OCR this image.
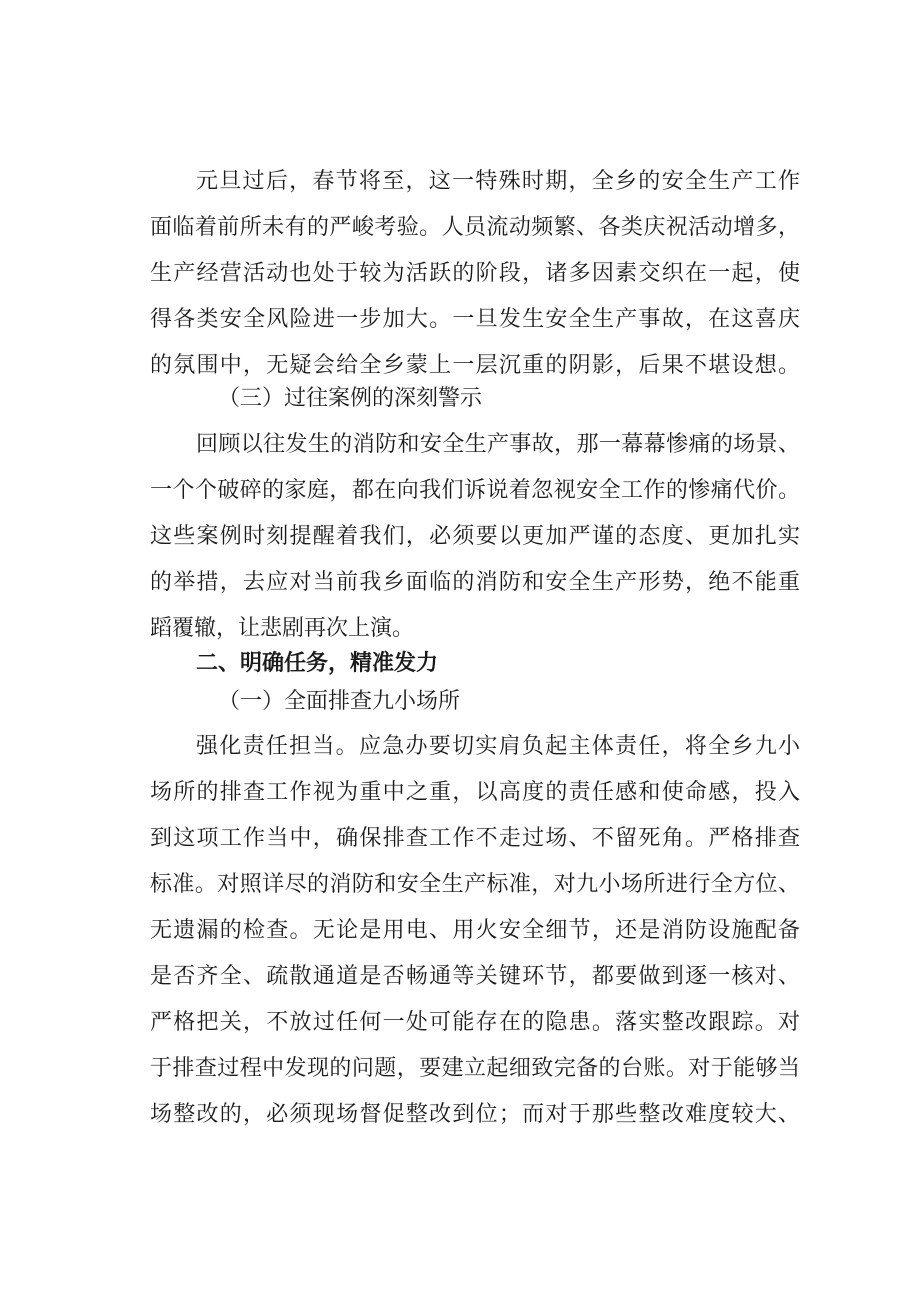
元旦过后，春节将至，这一特殊时期，全乡的安全生产工作
面临着前所未有的严峻考验。人员流动频繁、各类庆祝活动增多，
生产经营活动也处于较为活跃的阶段，诸多因素交织在一起，使
得各类安全风险进一步加大。一旦发生安全生产事故，在这喜庆
的氛围中，无疑会给全乡蒙上一层沉重的阴影，后果不堪设想。
（三）过往案例的深刻警示
回顾以往发生的消防和安全生产事故，那一幕幕惨痛的场景、
一个个破碎的家庭，都在向我们诉说着忽视安全工作的惨痛代价。
这些案例时刻提醒着我们，必须要以更加严谨的态度、更加扎实
的举措，去应对当前我乡面临的消防和安全生产形势，绝不能重
蹈覆辙，让悲剧再次上演。
二、明确任务，精准发力
（一）全面排查九小场所
强化责任担当。应急办要切实肩负起主体责任，将全乡九小
场所的排查工作视为重中之重，以高度的责任感和使命感，投入
到这项工作当中，确保排查工作不走过场、不留死角。严格排查
标准。对照详尽的消防和安全生产标准，对九小场所进行全方位、
无遗漏的检查。无论是用电、用火安全细节，还是消防设施配备
是否齐全、疏散通道是否畅通等关键环节，都要做到逐一核对、
严格把关，不放过任何一处可能存在的隐患。落实整改跟踪。对
于排查过程中发现的问题，要建立起细致完备的台账。对于能够当
场整改的，必须现场督促整改到位；而对于那些整改难度较大、
